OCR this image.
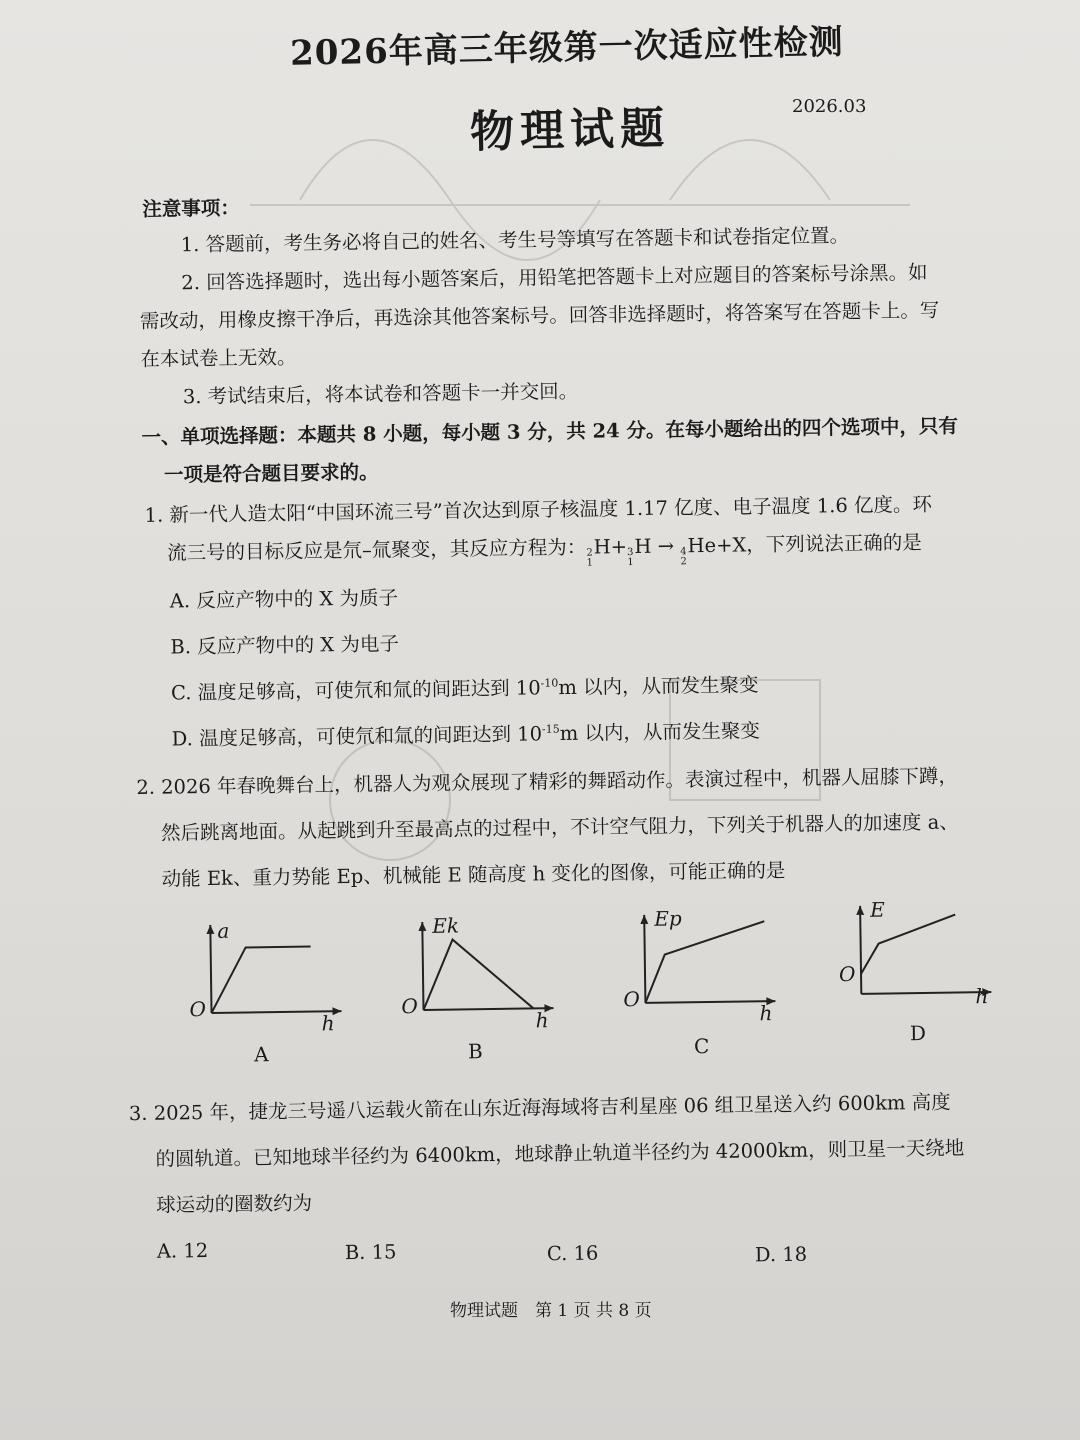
2026年高三年级第一次适应性检测
物理试题	2026.03
注意事项：
1. 答题前，考生务必将自己的姓名、考生号等填写在答题卡和试卷指定位置。
2. 回答选择题时，选出每小题答案后，用铅笔把答题卡上对应题目的答案标号涂黑。如
需改动，用橡皮擦干净后，再选涂其他答案标号。回答非选择题时，将答案写在答题卡上。写
在本试卷上无效。
3. 考试结束后，将本试卷和答题卡一并交回。
一、单项选择题：本题共 8 小题，每小题 3 分，共 24 分。在每小题给出的四个选项中，只有
一项是符合题目要求的。
1. 新一代人造太阳“中国环流三号”首次达到原子核温度 1.17 亿度、电子温度 1.6 亿度。环
流三号的目标反应是氘–氚聚变，其反应方程为： 2
1
H+ 3
1
H → 4
2
He+X，下列说法正确的是
A. 反应产物中的 X 为质子
B. 反应产物中的 X 为电子
C. 温度足够高，可使氘和氚的间距达到 $10^{-10}m$ 以内，从而发生聚变
D. 温度足够高，可使氘和氚的间距达到 $10^{-15}m$ 以内，从而发生聚变
2. 2026 年春晚舞台上，机器人为观众展现了精彩的舞蹈动作。表演过程中，机器人屈膝下蹲，
然后跳离地面。从起跳到升至最高点的过程中，不计空气阻力，下列关于机器人的加速度 a、
动能 Ek、重力势能 Ep、机械能 E 随高度 h 变化的图像，可能正确的是
a
O
h
A
Ek
O
h
B
Ep
O
h
C
E
O
h
D
3. 2025 年，捷龙三号遥八运载火箭在山东近海海域将吉利星座 06 组卫星送入约 600km 高度
的圆轨道。已知地球半径约为 6400km，地球静止轨道半径约为 42000km，则卫星一天绕地
球运动的圈数约为
A. 12	B. 15	C. 16	D. 18
物理试题　第 1 页 共 8 页
